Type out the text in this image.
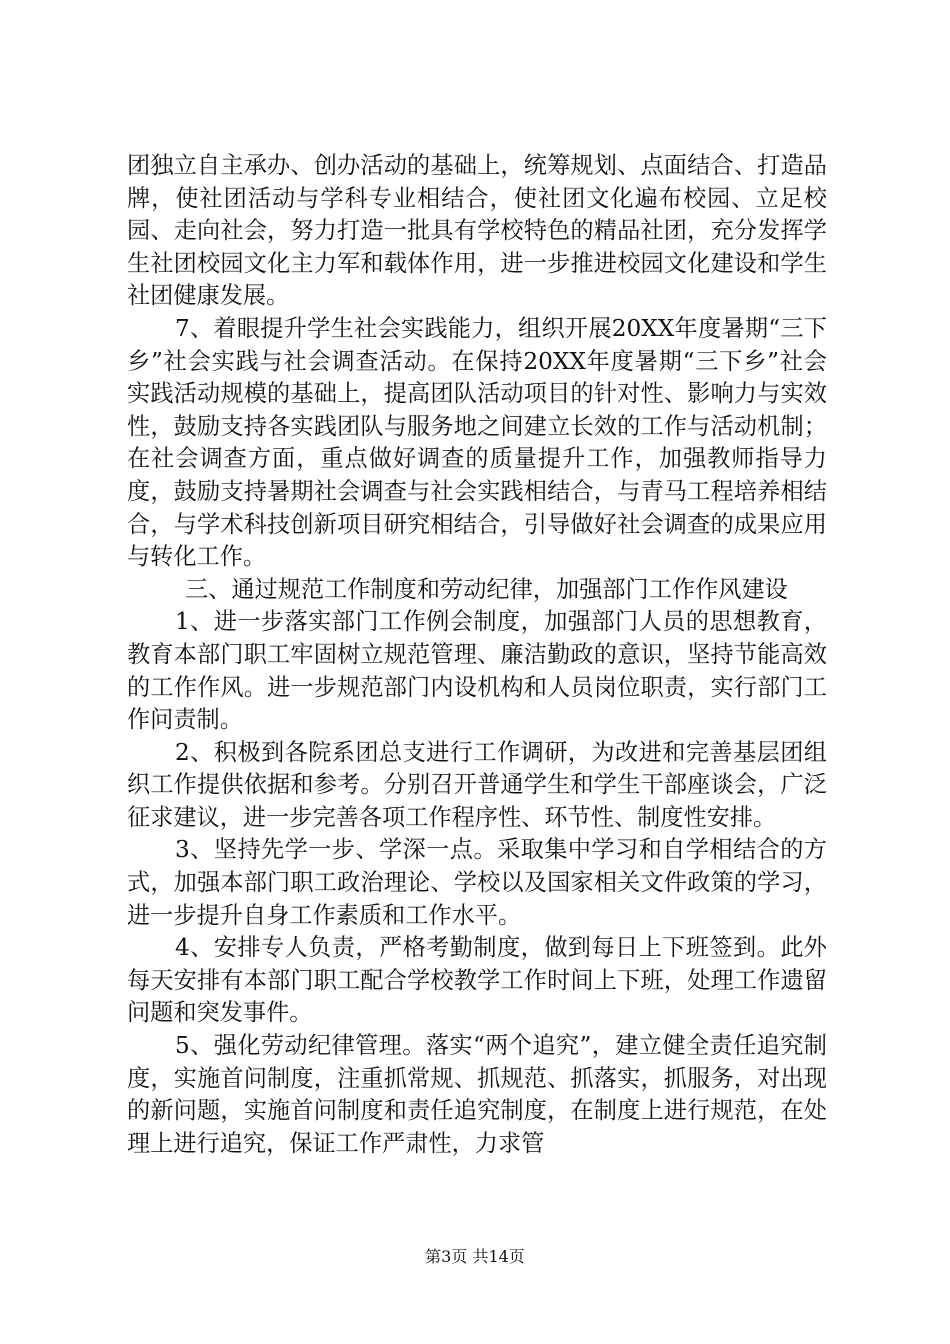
团独立自主承办、创办活动的基础上，统筹规划、点面结合、打造品牌，使社团活动与学科专业相结合，使社团文化遍布校园、立足校园、走向社会，努力打造一批具有学校特色的精品社团，充分发挥学生社团校园文化主力军和载体作用，进一步推进校园文化建设和学生社团健康发展。

7、着眼提升学生社会实践能力，组织开展20XX年度暑期“三下乡”社会实践与社会调查活动。在保持20XX年度暑期“三下乡”社会实践活动规模的基础上，提高团队活动项目的针对性、影响力与实效性，鼓励支持各实践团队与服务地之间建立长效的工作与活动机制；在社会调查方面，重点做好调查的质量提升工作，加强教师指导力度，鼓励支持暑期社会调查与社会实践相结合，与青马工程培养相结合，与学术科技创新项目研究相结合，引导做好社会调查的成果应用与转化工作。

三、通过规范工作制度和劳动纪律，加强部门工作作风建设

1、进一步落实部门工作例会制度，加强部门人员的思想教育，教育本部门职工牢固树立规范管理、廉洁勤政的意识，坚持节能高效的工作作风。进一步规范部门内设机构和人员岗位职责，实行部门工作问责制。

2、积极到各院系团总支进行工作调研，为改进和完善基层团组织工作提供依据和参考。分别召开普通学生和学生干部座谈会，广泛征求建议，进一步完善各项工作程序性、环节性、制度性安排。

3、坚持先学一步、学深一点。采取集中学习和自学相结合的方式，加强本部门职工政治理论、学校以及国家相关文件政策的学习，进一步提升自身工作素质和工作水平。

4、安排专人负责，严格考勤制度，做到每日上下班签到。此外每天安排有本部门职工配合学校教学工作时间上下班，处理工作遗留问题和突发事件。

5、强化劳动纪律管理。落实“两个追究”，建立健全责任追究制度，实施首问制度，注重抓常规、抓规范、抓落实，抓服务，对出现的新问题，实施首问制度和责任追究制度，在制度上进行规范，在处理上进行追究，保证工作严肃性，力求管

第3页 共14页
